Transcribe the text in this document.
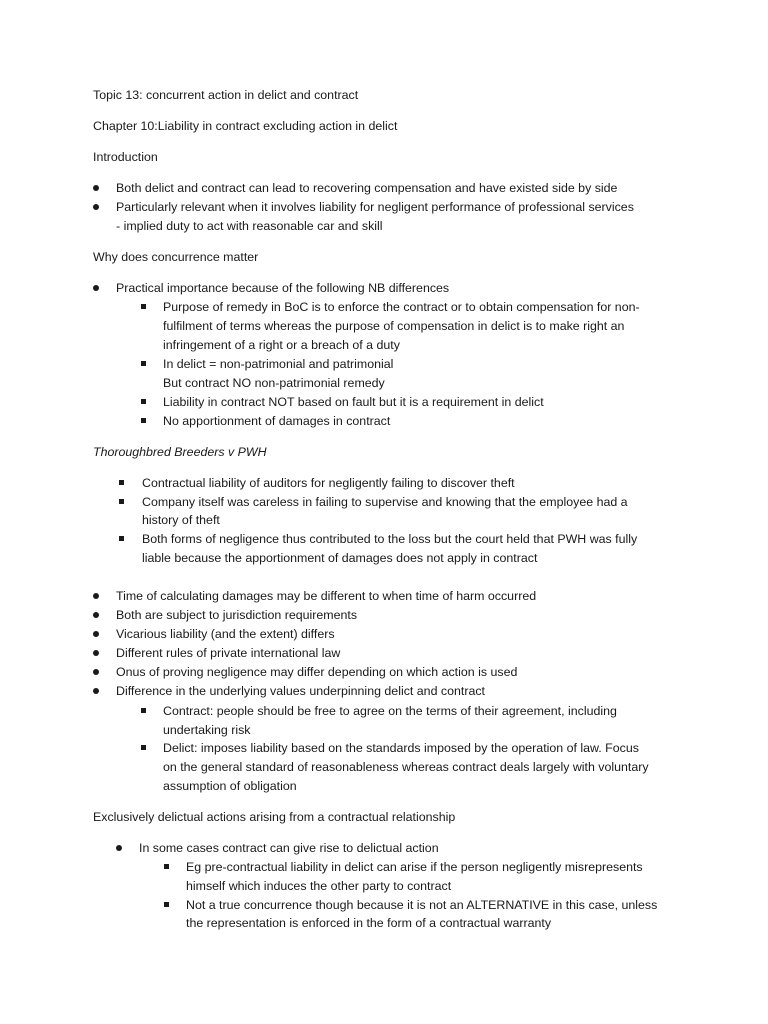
Topic 13: concurrent action in delict and contract
Chapter 10:Liability in contract excluding action in delict
Introduction
Both delict and contract can lead to recovering compensation and have existed side by side
Particularly relevant when it involves liability for negligent performance of professional services
- implied duty to act with reasonable car and skill
Why does concurrence matter
Practical importance because of the following NB differences
Purpose of remedy in BoC is to enforce the contract or to obtain compensation for non-
fulfilment of terms whereas the purpose of compensation in delict is to make right an
infringement of a right or a breach of a duty
In delict = non-patrimonial and patrimonial
But contract NO non-patrimonial remedy
Liability in contract NOT based on fault but it is a requirement in delict
No apportionment of damages in contract
Thoroughbred Breeders v PWH
Contractual liability of auditors for negligently failing to discover theft
Company itself was careless in failing to supervise and knowing that the employee had a
history of theft
Both forms of negligence thus contributed to the loss but the court held that PWH was fully
liable because the apportionment of damages does not apply in contract
Time of calculating damages may be different to when time of harm occurred
Both are subject to jurisdiction requirements
Vicarious liability (and the extent) differs
Different rules of private international law
Onus of proving negligence may differ depending on which action is used
Difference in the underlying values underpinning delict and contract
Contract: people should be free to agree on the terms of their agreement, including
undertaking risk
Delict: imposes liability based on the standards imposed by the operation of law. Focus
on the general standard of reasonableness whereas contract deals largely with voluntary
assumption of obligation
Exclusively delictual actions arising from a contractual relationship
In some cases contract can give rise to delictual action
Eg pre-contractual liability in delict can arise if the person negligently misrepresents
himself which induces the other party to contract
Not a true concurrence though because it is not an ALTERNATIVE in this case, unless
the representation is enforced in the form of a contractual warranty
